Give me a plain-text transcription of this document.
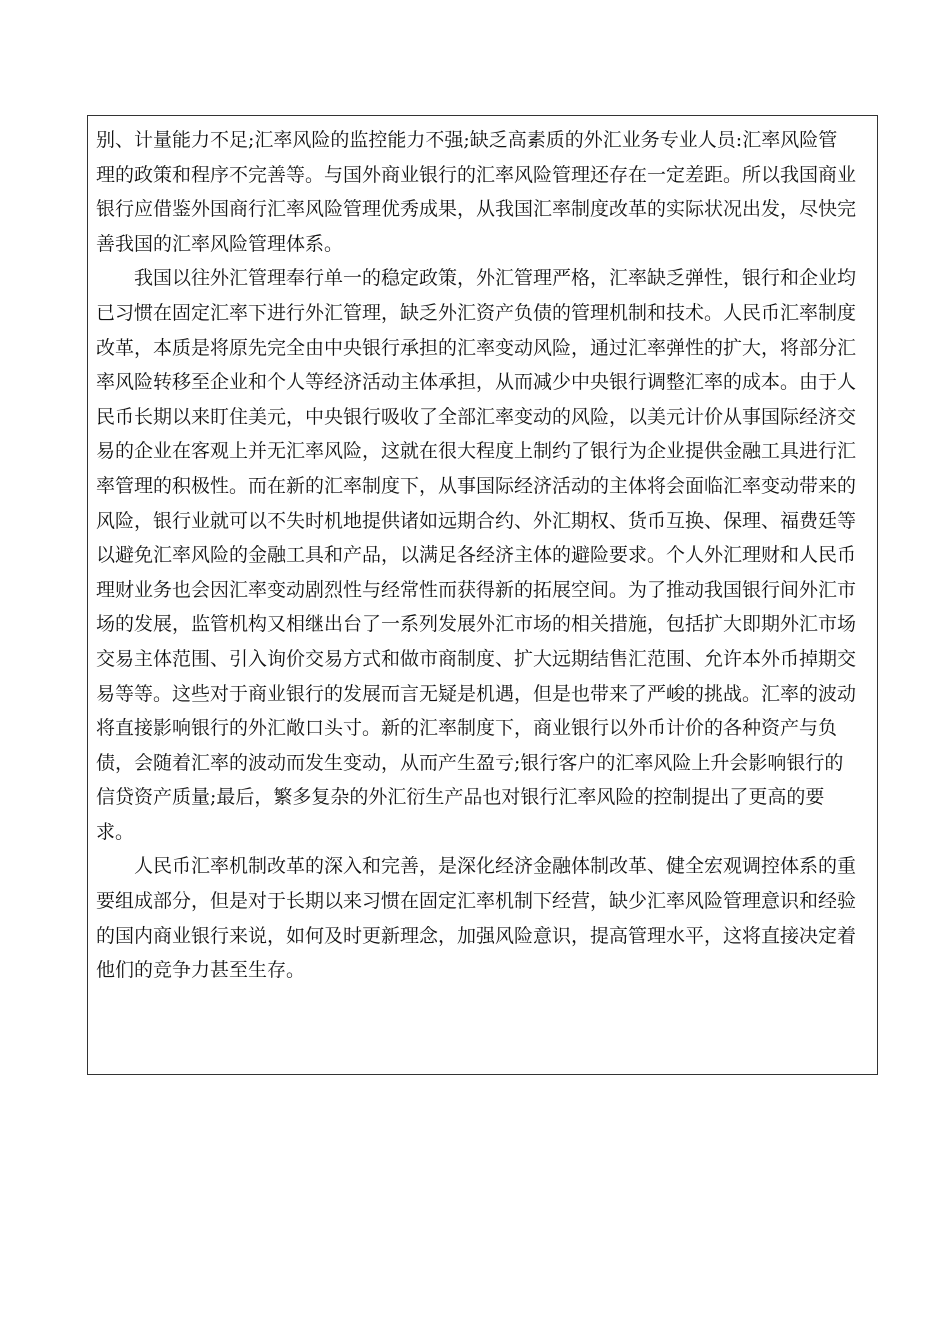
别、计量能力不足;汇率风险的监控能力不强;缺乏高素质的外汇业务专业人员:汇率风险管
理的政策和程序不完善等。与国外商业银行的汇率风险管理还存在一定差距。所以我国商业
银行应借鉴外国商行汇率风险管理优秀成果，从我国汇率制度改革的实际状况出发，尽快完
善我国的汇率风险管理体系。
我国以往外汇管理奉行单一的稳定政策，外汇管理严格，汇率缺乏弹性，银行和企业均
已习惯在固定汇率下进行外汇管理，缺乏外汇资产负债的管理机制和技术。人民币汇率制度
改革，本质是将原先完全由中央银行承担的汇率变动风险，通过汇率弹性的扩大，将部分汇
率风险转移至企业和个人等经济活动主体承担，从而减少中央银行调整汇率的成本。由于人
民币长期以来盯住美元，中央银行吸收了全部汇率变动的风险，以美元计价从事国际经济交
易的企业在客观上并无汇率风险，这就在很大程度上制约了银行为企业提供金融工具进行汇
率管理的积极性。而在新的汇率制度下，从事国际经济活动的主体将会面临汇率变动带来的
风险，银行业就可以不失时机地提供诸如远期合约、外汇期权、货币互换、保理、福费廷等
以避免汇率风险的金融工具和产品，以满足各经济主体的避险要求。个人外汇理财和人民币
理财业务也会因汇率变动剧烈性与经常性而获得新的拓展空间。为了推动我国银行间外汇市
场的发展，监管机构又相继出台了一系列发展外汇市场的相关措施，包括扩大即期外汇市场
交易主体范围、引入询价交易方式和做市商制度、扩大远期结售汇范围、允许本外币掉期交
易等等。这些对于商业银行的发展而言无疑是机遇，但是也带来了严峻的挑战。汇率的波动
将直接影响银行的外汇敞口头寸。新的汇率制度下，商业银行以外币计价的各种资产与负
债，会随着汇率的波动而发生变动，从而产生盈亏;银行客户的汇率风险上升会影响银行的
信贷资产质量;最后，繁多复杂的外汇衍生产品也对银行汇率风险的控制提出了更高的要
求。
人民币汇率机制改革的深入和完善，是深化经济金融体制改革、健全宏观调控体系的重
要组成部分，但是对于长期以来习惯在固定汇率机制下经营，缺少汇率风险管理意识和经验
的国内商业银行来说，如何及时更新理念，加强风险意识，提高管理水平，这将直接决定着
他们的竞争力甚至生存。
